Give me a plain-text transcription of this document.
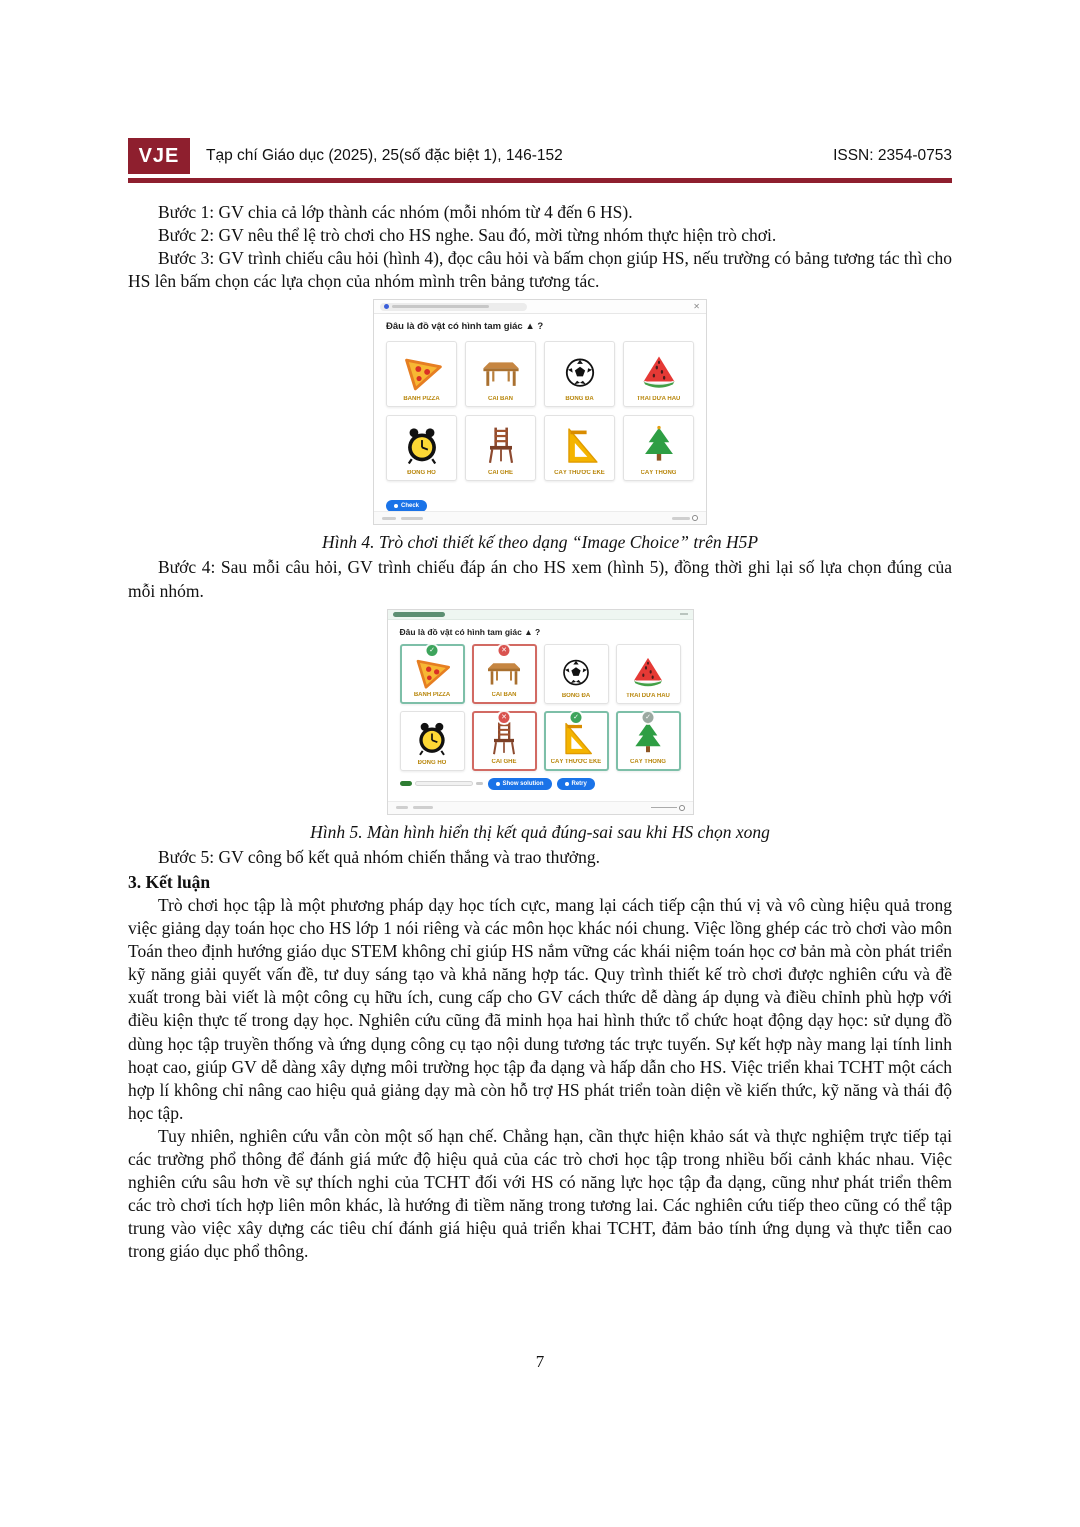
VJE	Tạp chí Giáo dục (2025), 25(số đặc biệt 1), 146-152	ISSN: 2354-0753

Bước 1: GV chia cả lớp thành các nhóm (mỗi nhóm từ 4 đến 6 HS).

Bước 2: GV nêu thể lệ trò chơi cho HS nghe. Sau đó, mời từng nhóm thực hiện trò chơi.

Bước 3: GV trình chiếu câu hỏi (hình 4), đọc câu hỏi và bấm chọn giúp HS, nếu trường có bảng tương tác thì cho HS lên bấm chọn các lựa chọn của nhóm mình trên bảng tương tác.

✕
Đâu là đồ vật có hình tam giác ▲ ?
BÁNH PIZZA	CÁI BÀN	BÓNG ĐÁ	TRÁI DƯA HẤU
ĐỒNG HỒ	CÁI GHẾ	CÂY THƯỚC ÊKE	CÂY THÔNG
Check

Hình 4. Trò chơi thiết kế theo dạng “Image Choice” trên H5P

Bước 4: Sau mỗi câu hỏi, GV trình chiếu đáp án cho HS xem (hình 5), đồng thời ghi lại số lựa chọn đúng của mỗi nhóm.

Đâu là đồ vật có hình tam giác ▲ ?
✓
BÁNH PIZZA
✕
CÁI BÀN	BÓNG ĐÁ	TRÁI DƯA HẤU
ĐỒNG HỒ
✕
CÁI GHẾ
✓
CÂY THƯỚC ÊKE
✓
CÂY THÔNG
Show solution	Retry

Hình 5. Màn hình hiển thị kết quả đúng-sai sau khi HS chọn xong

Bước 5: GV công bố kết quả nhóm chiến thắng và trao thưởng.

3. Kết luận

Trò chơi học tập là một phương pháp dạy học tích cực, mang lại cách tiếp cận thú vị và vô cùng hiệu quả trong việc giảng dạy toán học cho HS lớp 1 nói riêng và các môn học khác nói chung. Việc lồng ghép các trò chơi vào môn Toán theo định hướng giáo dục STEM không chỉ giúp HS nắm vững các khái niệm toán học cơ bản mà còn phát triển kỹ năng giải quyết vấn đề, tư duy sáng tạo và khả năng hợp tác. Quy trình thiết kế trò chơi được nghiên cứu và đề xuất trong bài viết là một công cụ hữu ích, cung cấp cho GV cách thức dễ dàng áp dụng và điều chỉnh phù hợp với điều kiện thực tế trong dạy học. Nghiên cứu cũng đã minh họa hai hình thức tổ chức hoạt động dạy học: sử dụng đồ dùng học tập truyền thống và ứng dụng công cụ tạo nội dung tương tác trực tuyến. Sự kết hợp này mang lại tính linh hoạt cao, giúp GV dễ dàng xây dựng môi trường học tập đa dạng và hấp dẫn cho HS. Việc triển khai TCHT một cách hợp lí không chỉ nâng cao hiệu quả giảng dạy mà còn hỗ trợ HS phát triển toàn diện về kiến thức, kỹ năng và thái độ học tập.

Tuy nhiên, nghiên cứu vẫn còn một số hạn chế. Chẳng hạn, cần thực hiện khảo sát và thực nghiệm trực tiếp tại các trường phổ thông để đánh giá mức độ hiệu quả của các trò chơi học tập trong nhiều bối cảnh khác nhau. Việc nghiên cứu sâu hơn về sự thích nghi của TCHT đối với HS có năng lực học tập đa dạng, cũng như phát triển thêm các trò chơi tích hợp liên môn khác, là hướng đi tiềm năng trong tương lai. Các nghiên cứu tiếp theo cũng có thể tập trung vào việc xây dựng các tiêu chí đánh giá hiệu quả triển khai TCHT, đảm bảo tính ứng dụng và thực tiễn cao trong giáo dục phổ thông.

7
